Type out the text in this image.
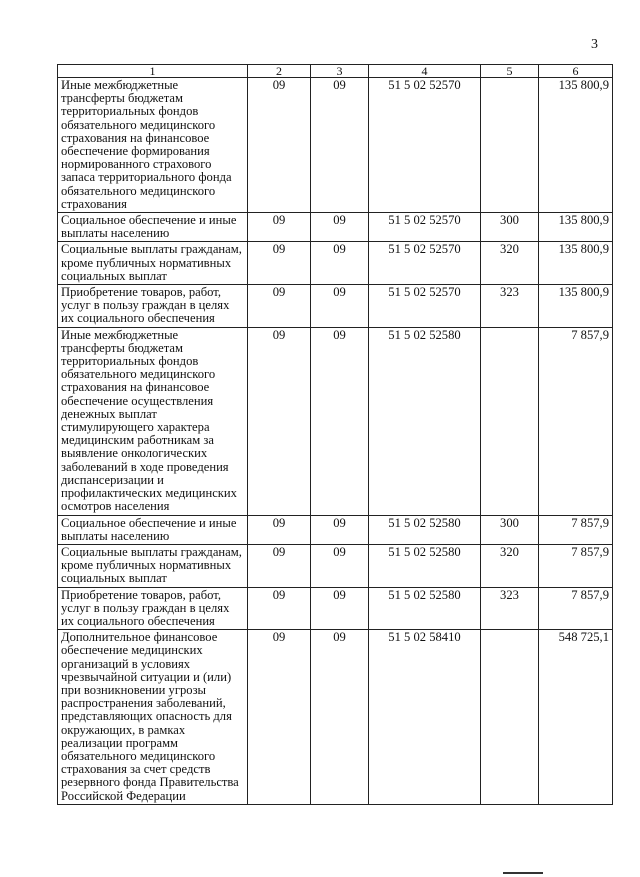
3
1	2	3	4	5	6
Иные межбюджетные трансферты бюджетам территориальных фондов обязательного медицинского страхования на финансовое обеспечение формирования нормированного страхового запаса территориального фонда обязательного медицинского страхования	09	09	51 5 02 52570		135 800,9
Социальное обеспечение и иные выплаты населению	09	09	51 5 02 52570	300	135 800,9
Социальные выплаты гражданам, кроме публичных нормативных социальных выплат	09	09	51 5 02 52570	320	135 800,9
Приобретение товаров, работ, услуг в пользу граждан в целях их социального обеспечения	09	09	51 5 02 52570	323	135 800,9
Иные межбюджетные трансферты бюджетам территориальных фондов обязательного медицинского страхования на финансовое обеспечение осуществления денежных выплат стимулирующего характера медицинским работникам за выявление онкологических заболеваний в ходе проведения диспансеризации и профилактических медицинских осмотров населения	09	09	51 5 02 52580		7 857,9
Социальное обеспечение и иные выплаты населению	09	09	51 5 02 52580	300	7 857,9
Социальные выплаты гражданам, кроме публичных нормативных социальных выплат	09	09	51 5 02 52580	320	7 857,9
Приобретение товаров, работ, услуг в пользу граждан в целях их социального обеспечения	09	09	51 5 02 52580	323	7 857,9
Дополнительное финансовое обеспечение медицинских организаций в условиях чрезвычайной ситуации и (или) при возникновении угрозы распространения заболеваний, представляющих опасность для окружающих, в рамках реализации программ обязательного медицинского страхования за счет средств резервного фонда Правительства Российской Федерации	09	09	51 5 02 58410		548 725,1
